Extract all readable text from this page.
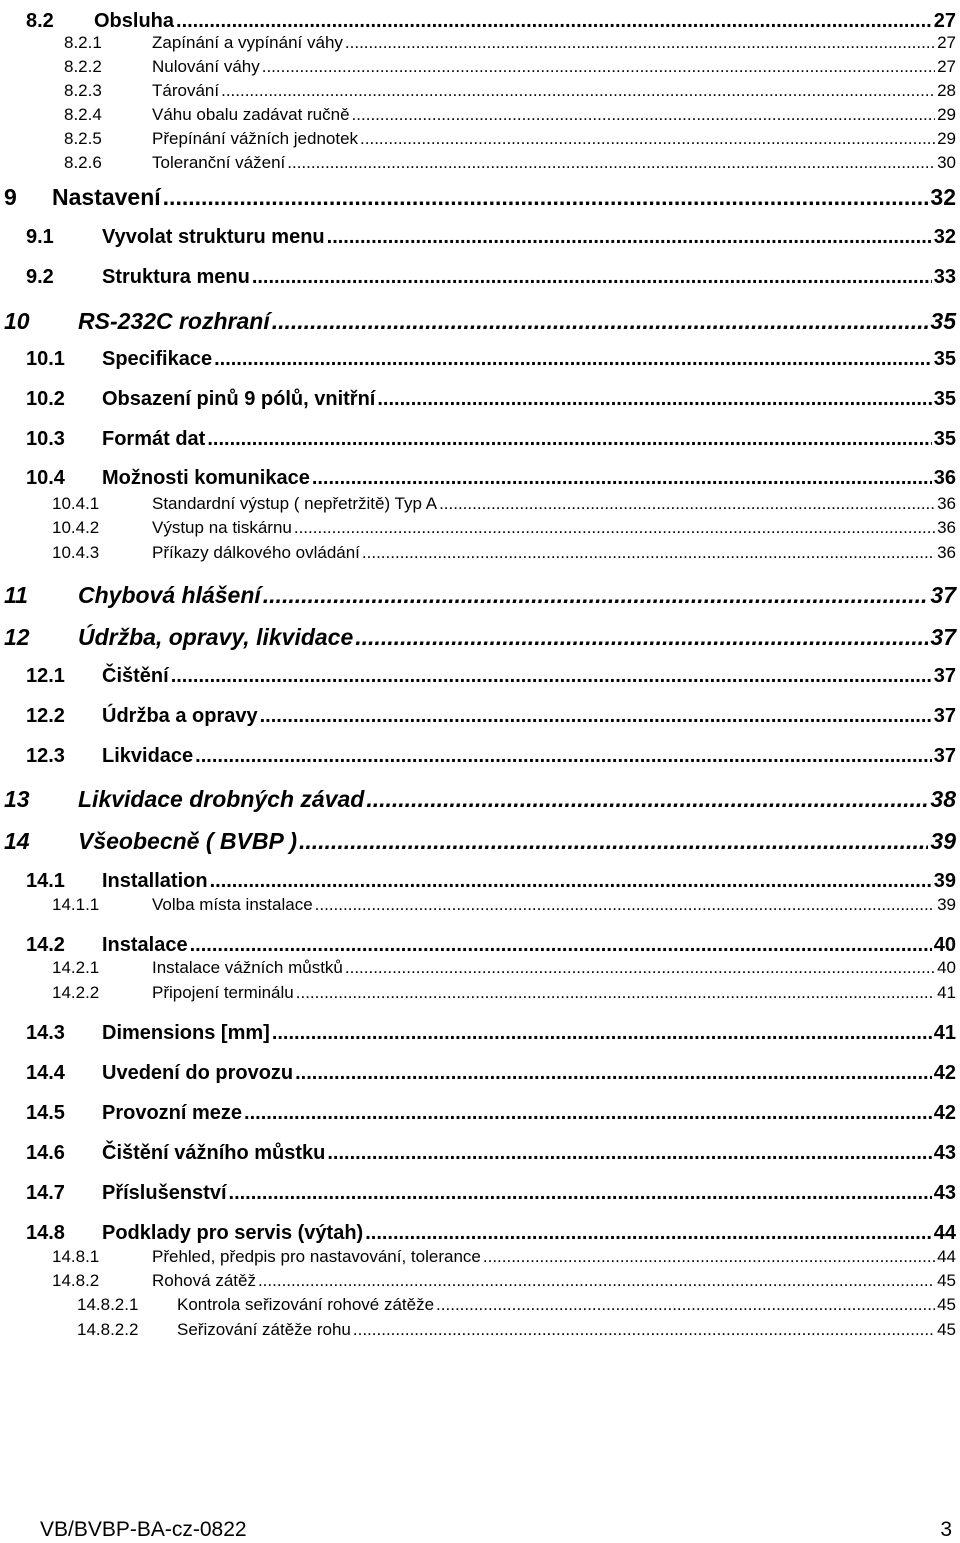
8.2	Obsluha .....	27
8.2.1	Zapínání a vypínání váhy .....	27
8.2.2	Nulování váhy .....	27
8.2.3	Tárování .....	28
8.2.4	Váhu obalu zadávat ručně .....	29
8.2.5	Přepínání vážních jednotek .....	29
8.2.6	Toleranční vážení .....	30
9	Nastavení .....	32
9.1	Vyvolat strukturu menu .....	32
9.2	Struktura menu .....	33
10	RS-232C rozhraní .....	35
10.1	Specifikace .....	35
10.2	Obsazení pinů 9 pólů, vnitřní .....	35
10.3	Formát dat .....	35
10.4	Možnosti komunikace .....	36
10.4.1	Standardní výstup ( nepřetržitě) Typ A .....	36
10.4.2	Výstup na tiskárnu .....	36
10.4.3	Příkazy dálkového ovládání .....	36
11	Chybová hlášení .....	37
12	Údržba, opravy, likvidace .....	37
12.1	Čištění .....	37
12.2	Údržba a opravy .....	37
12.3	Likvidace .....	37
13	Likvidace drobných závad .....	38
14	Všeobecně ( BVBP ) .....	39
14.1	Installation .....	39
14.1.1	Volba místa instalace .....	39
14.2	Instalace .....	40
14.2.1	Instalace vážních můstků .....	40
14.2.2	Připojení terminálu .....	41
14.3	Dimensions [mm] .....	41
14.4	Uvedení do provozu .....	42
14.5	Provozní meze .....	42
14.6	Čištění vážního můstku .....	43
14.7	Příslušenství .....	43
14.8	Podklady pro servis (výtah) .....	44
14.8.1	Přehled, předpis pro nastavování, tolerance .....	44
14.8.2	Rohová zátěž .....	45
14.8.2.1	Kontrola seřizování rohové zátěže .....	45
14.8.2.2	Seřizování zátěže rohu .....	45
VB/BVBP-BA-cz-0822	3
